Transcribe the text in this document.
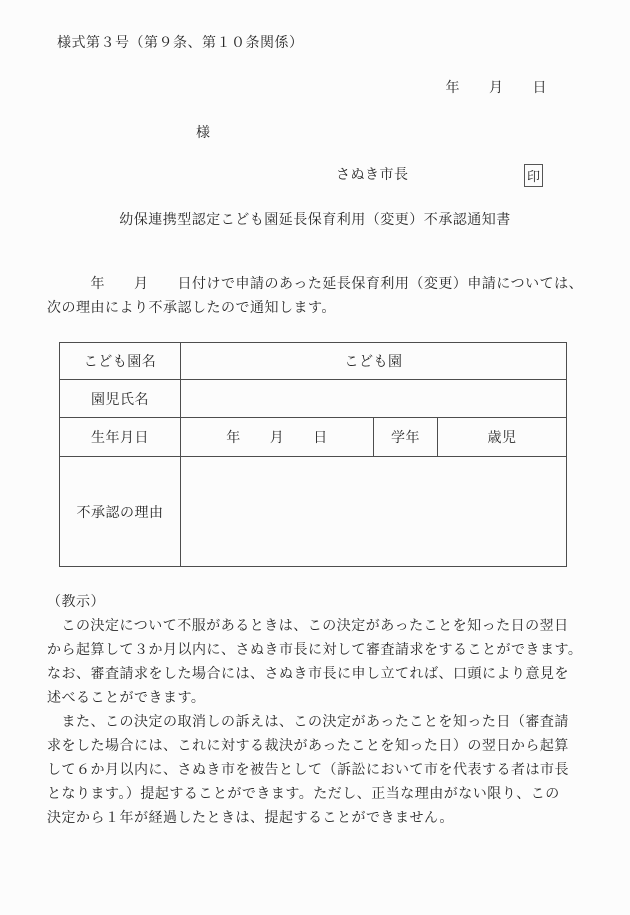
様式第３号（第９条、第１０条関係）
年　　月　　日
様
さぬき市長	印
幼保連携型認定こども園延長保育利用（変更）不承認通知書
　　　年　　月　　日付けで申請のあった延長保育利用（変更）申請については、
次の理由により不承認したので通知します。
こども園名	こども園		
園児氏名			
生年月日	年　　月　　日	学年	歳児
不承認の理由			
（教示）
　この決定について不服があるときは、この決定があったことを知った日の翌日
から起算して３か月以内に、さぬき市長に対して審査請求をすることができます。
なお、審査請求をした場合には、さぬき市長に申し立てれば、口頭により意見を
述べることができます。
　また、この決定の取消しの訴えは、この決定があったことを知った日（審査請
求をした場合には、これに対する裁決があったことを知った日）の翌日から起算
して６か月以内に、さぬき市を被告として（訴訟において市を代表する者は市長
となります。）提起することができます。ただし、正当な理由がない限り、この
決定から１年が経過したときは、提起することができません。
